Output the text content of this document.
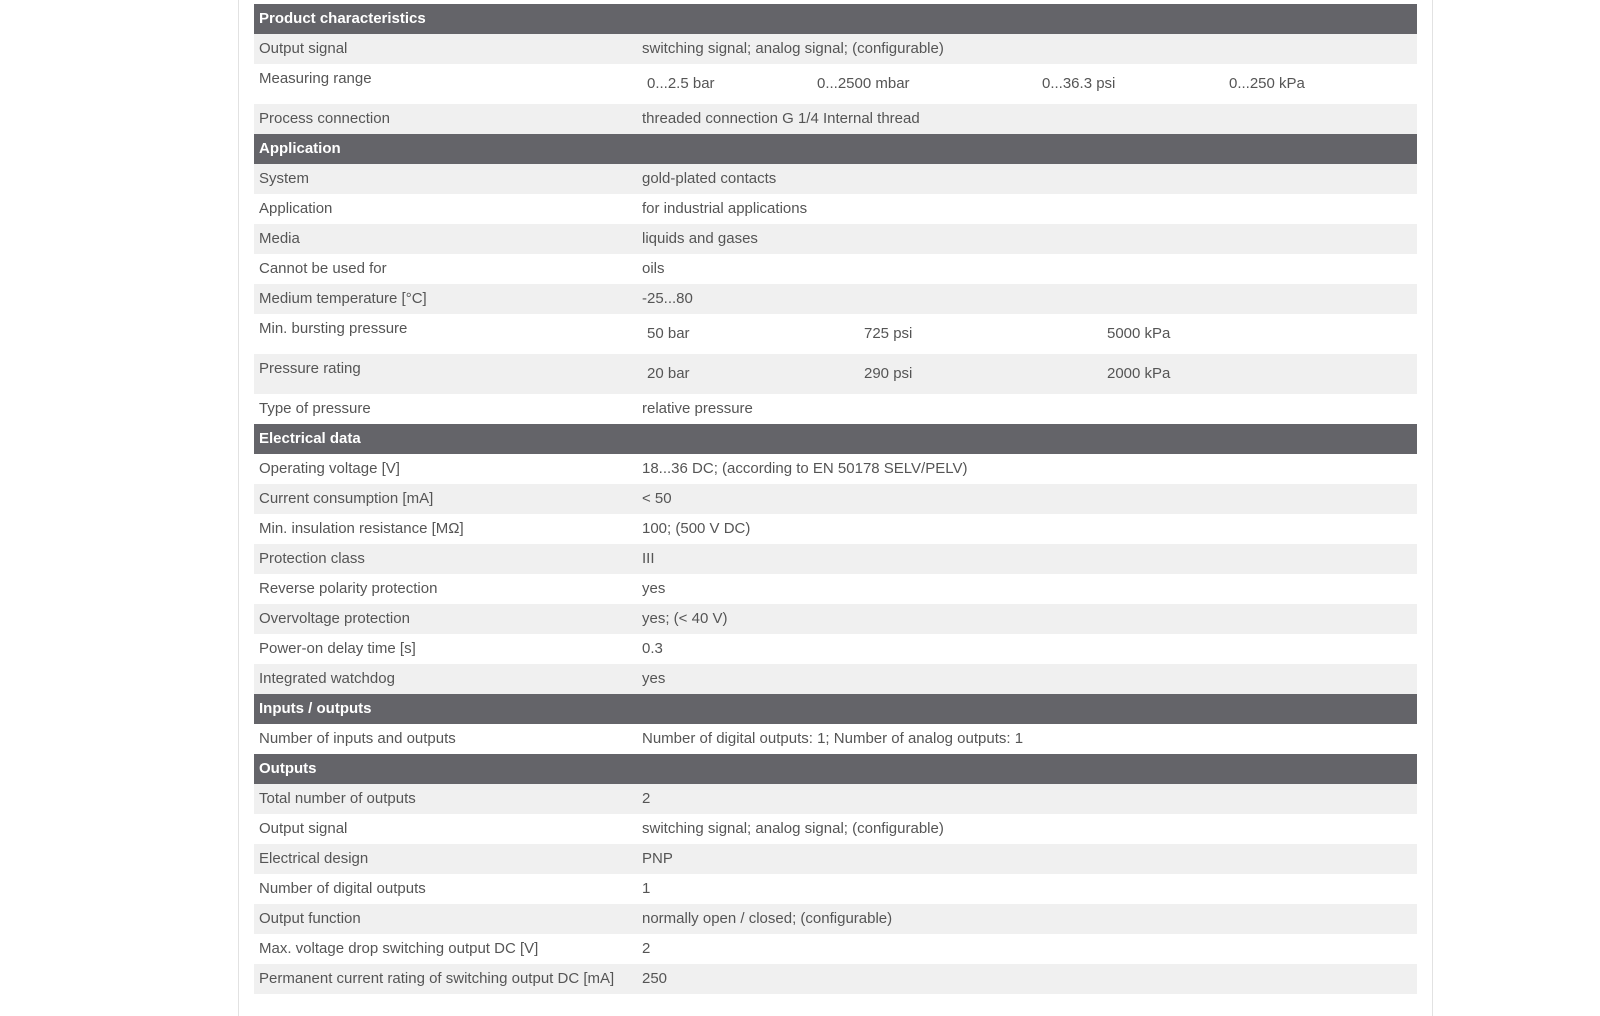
Product characteristics
Output signal	switching signal; analog signal; (configurable)
Measuring range	0...2.5 bar	0...2500 mbar	0...36.3 psi	0...250 kPa
Process connection	threaded connection G 1/4 Internal thread
Application
System	gold-plated contacts
Application	for industrial applications
Media	liquids and gases
Cannot be used for	oils
Medium temperature [°C]	-25...80
Min. bursting pressure	50 bar	725 psi	5000 kPa
Pressure rating	20 bar	290 psi	2000 kPa
Type of pressure	relative pressure
Electrical data
Operating voltage [V]	18...36 DC; (according to EN 50178 SELV/PELV)
Current consumption [mA]	< 50
Min. insulation resistance [MΩ]	100; (500 V DC)
Protection class	III
Reverse polarity protection	yes
Overvoltage protection	yes; (< 40 V)
Power-on delay time [s]	0.3
Integrated watchdog	yes
Inputs / outputs
Number of inputs and outputs	Number of digital outputs: 1; Number of analog outputs: 1
Outputs
Total number of outputs	2
Output signal	switching signal; analog signal; (configurable)
Electrical design	PNP
Number of digital outputs	1
Output function	normally open / closed; (configurable)
Max. voltage drop switching output DC [V]	2
Permanent current rating of switching output DC [mA]	250
